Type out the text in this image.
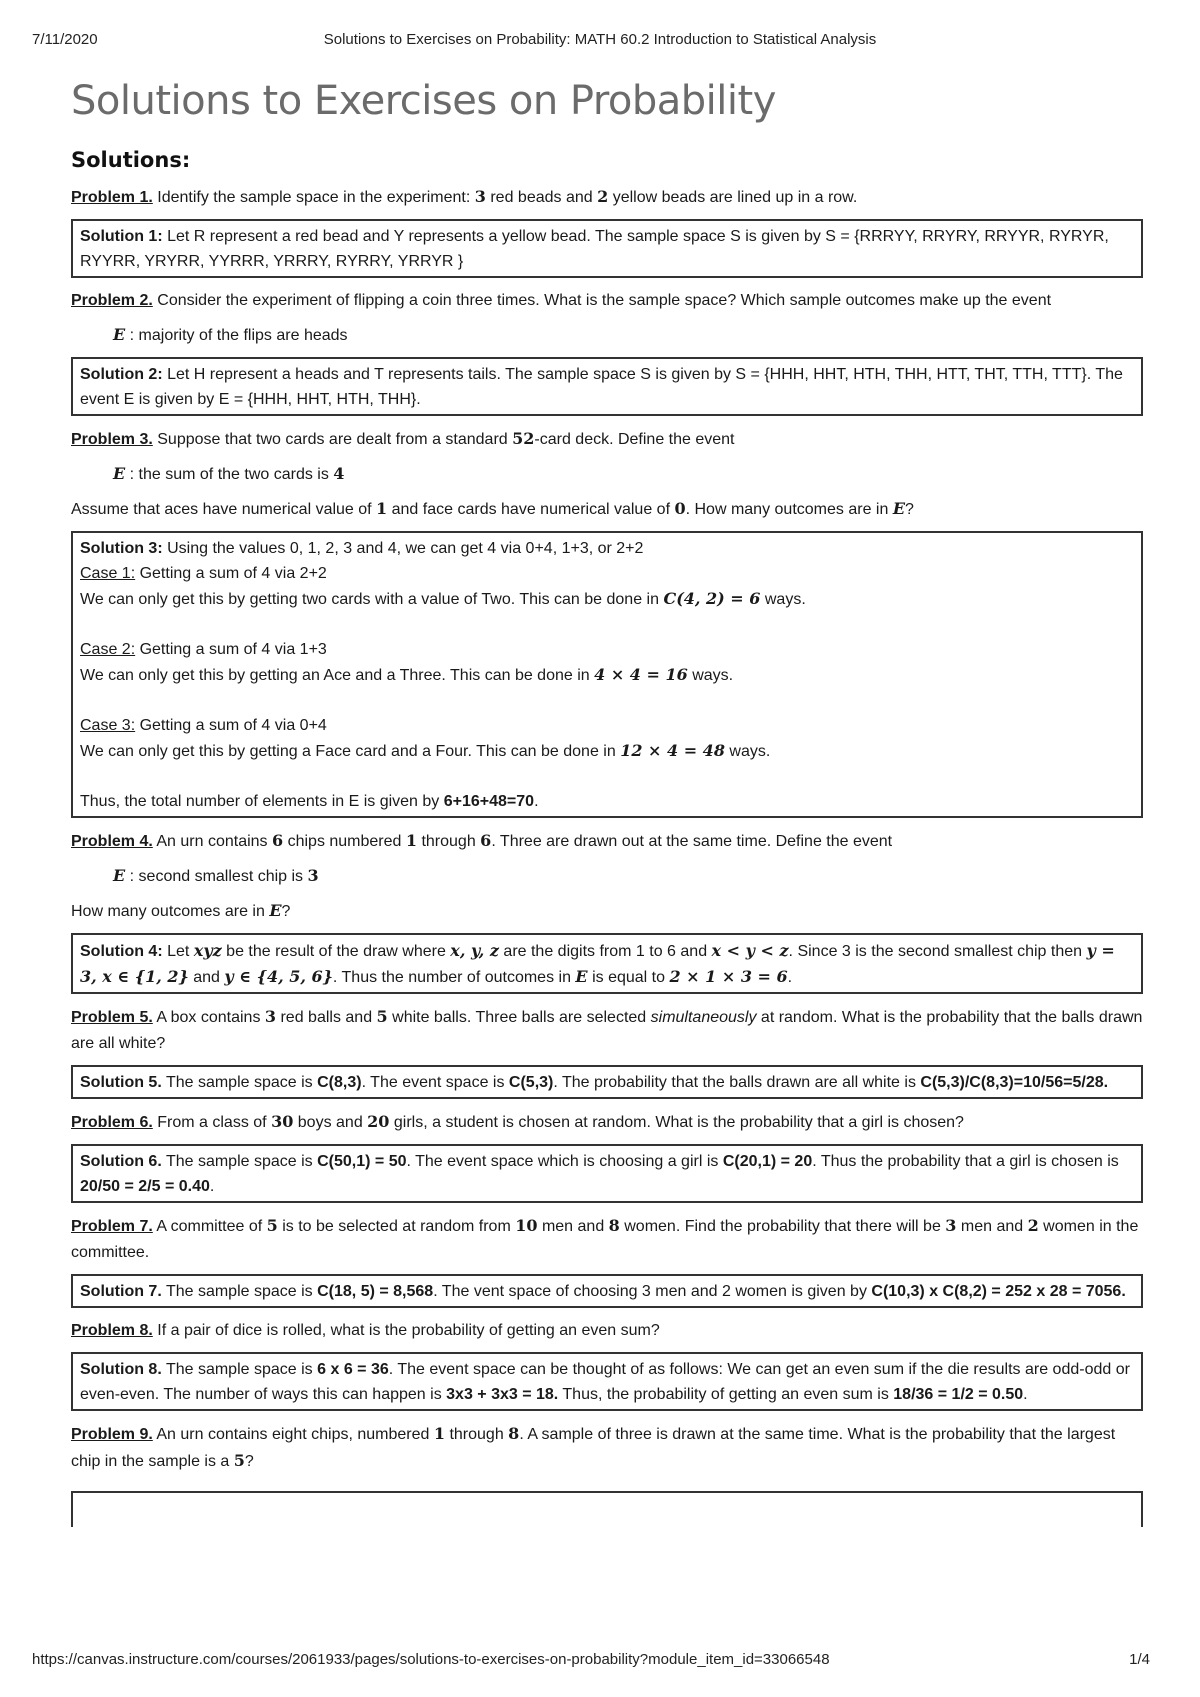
7/11/2020	Solutions to Exercises on Probability: MATH 60.2 Introduction to Statistical Analysis
Solutions to Exercises on Probability
Solutions:

Problem 1. Identify the sample space in the experiment: 3 red beads and 2 yellow beads are lined up in a row.

Solution 1: Let R represent a red bead and Y represents a yellow bead. The sample space S is given by S = {RRRYY, RRYRY, RRYYR, RYRYR, RYYRR, YRYRR, YYRRR, YRRRY, RYRRY, YRRYR }

Problem 2. Consider the experiment of flipping a coin three times. What is the sample space? Which sample outcomes make up the event

E : majority of the flips are heads

Solution 2: Let H represent a heads and T represents tails. The sample space S is given by S = {HHH, HHT, HTH, THH, HTT, THT, TTH, TTT}. The event E is given by E = {HHH, HHT, HTH, THH}.

Problem 3. Suppose that two cards are dealt from a standard 52-card deck. Define the event

E : the sum of the two cards is 4

Assume that aces have numerical value of 1 and face cards have numerical value of 0. How many outcomes are in E?

Solution 3: Using the values 0, 1, 2, 3 and 4, we can get 4 via 0+4, 1+3, or 2+2

Case 1: Getting a sum of 4 via 2+2

We can only get this by getting two cards with a value of Two. This can be done in C(4, 2) = 6 ways.

Case 2: Getting a sum of 4 via 1+3

We can only get this by getting an Ace and a Three. This can be done in 4 × 4 = 16 ways.

Case 3: Getting a sum of 4 via 0+4

We can only get this by getting a Face card and a Four. This can be done in 12 × 4 = 48 ways.

Thus, the total number of elements in E is given by 6+16+48=70.

Problem 4. An urn contains 6 chips numbered 1 through 6. Three are drawn out at the same time. Define the event

E : second smallest chip is 3

How many outcomes are in E?

Solution 4: Let xyz be the result of the draw where x, y, z are the digits from 1 to 6 and x < y < z. Since 3 is the second smallest chip then y = 3, x ∈ {1, 2} and y ∈ {4, 5, 6}. Thus the number of outcomes in E is equal to 2 × 1 × 3 = 6.

Problem 5. A box contains 3 red balls and 5 white balls. Three balls are selected simultaneously at random. What is the probability that the balls drawn are all white?

Solution 5. The sample space is C(8,3). The event space is C(5,3). The probability that the balls drawn are all white is C(5,3)/C(8,3)=10/56=5/28.

Problem 6. From a class of 30 boys and 20 girls, a student is chosen at random. What is the probability that a girl is chosen?

Solution 6. The sample space is C(50,1) = 50. The event space which is choosing a girl is C(20,1) = 20. Thus the probability that a girl is chosen is 20/50 = 2/5 = 0.40.

Problem 7. A committee of 5 is to be selected at random from 10 men and 8 women. Find the probability that there will be 3 men and 2 women in the committee.

Solution 7. The sample space is C(18, 5) = 8,568. The vent space of choosing 3 men and 2 women is given by C(10,3) x C(8,2) = 252 x 28 = 7056.

Problem 8. If a pair of dice is rolled, what is the probability of getting an even sum?

Solution 8. The sample space is 6 x 6 = 36. The event space can be thought of as follows: We can get an even sum if the die results are odd-odd or even-even. The number of ways this can happen is 3x3 + 3x3 = 18. Thus, the probability of getting an even sum is 18/36 = 1/2 = 0.50.

Problem 9. An urn contains eight chips, numbered 1 through 8. A sample of three is drawn at the same time. What is the probability that the largest chip in the sample is a 5?

https://canvas.instructure.com/courses/2061933/pages/solutions-to-exercises-on-probability?module_item_id=33066548	1/4
